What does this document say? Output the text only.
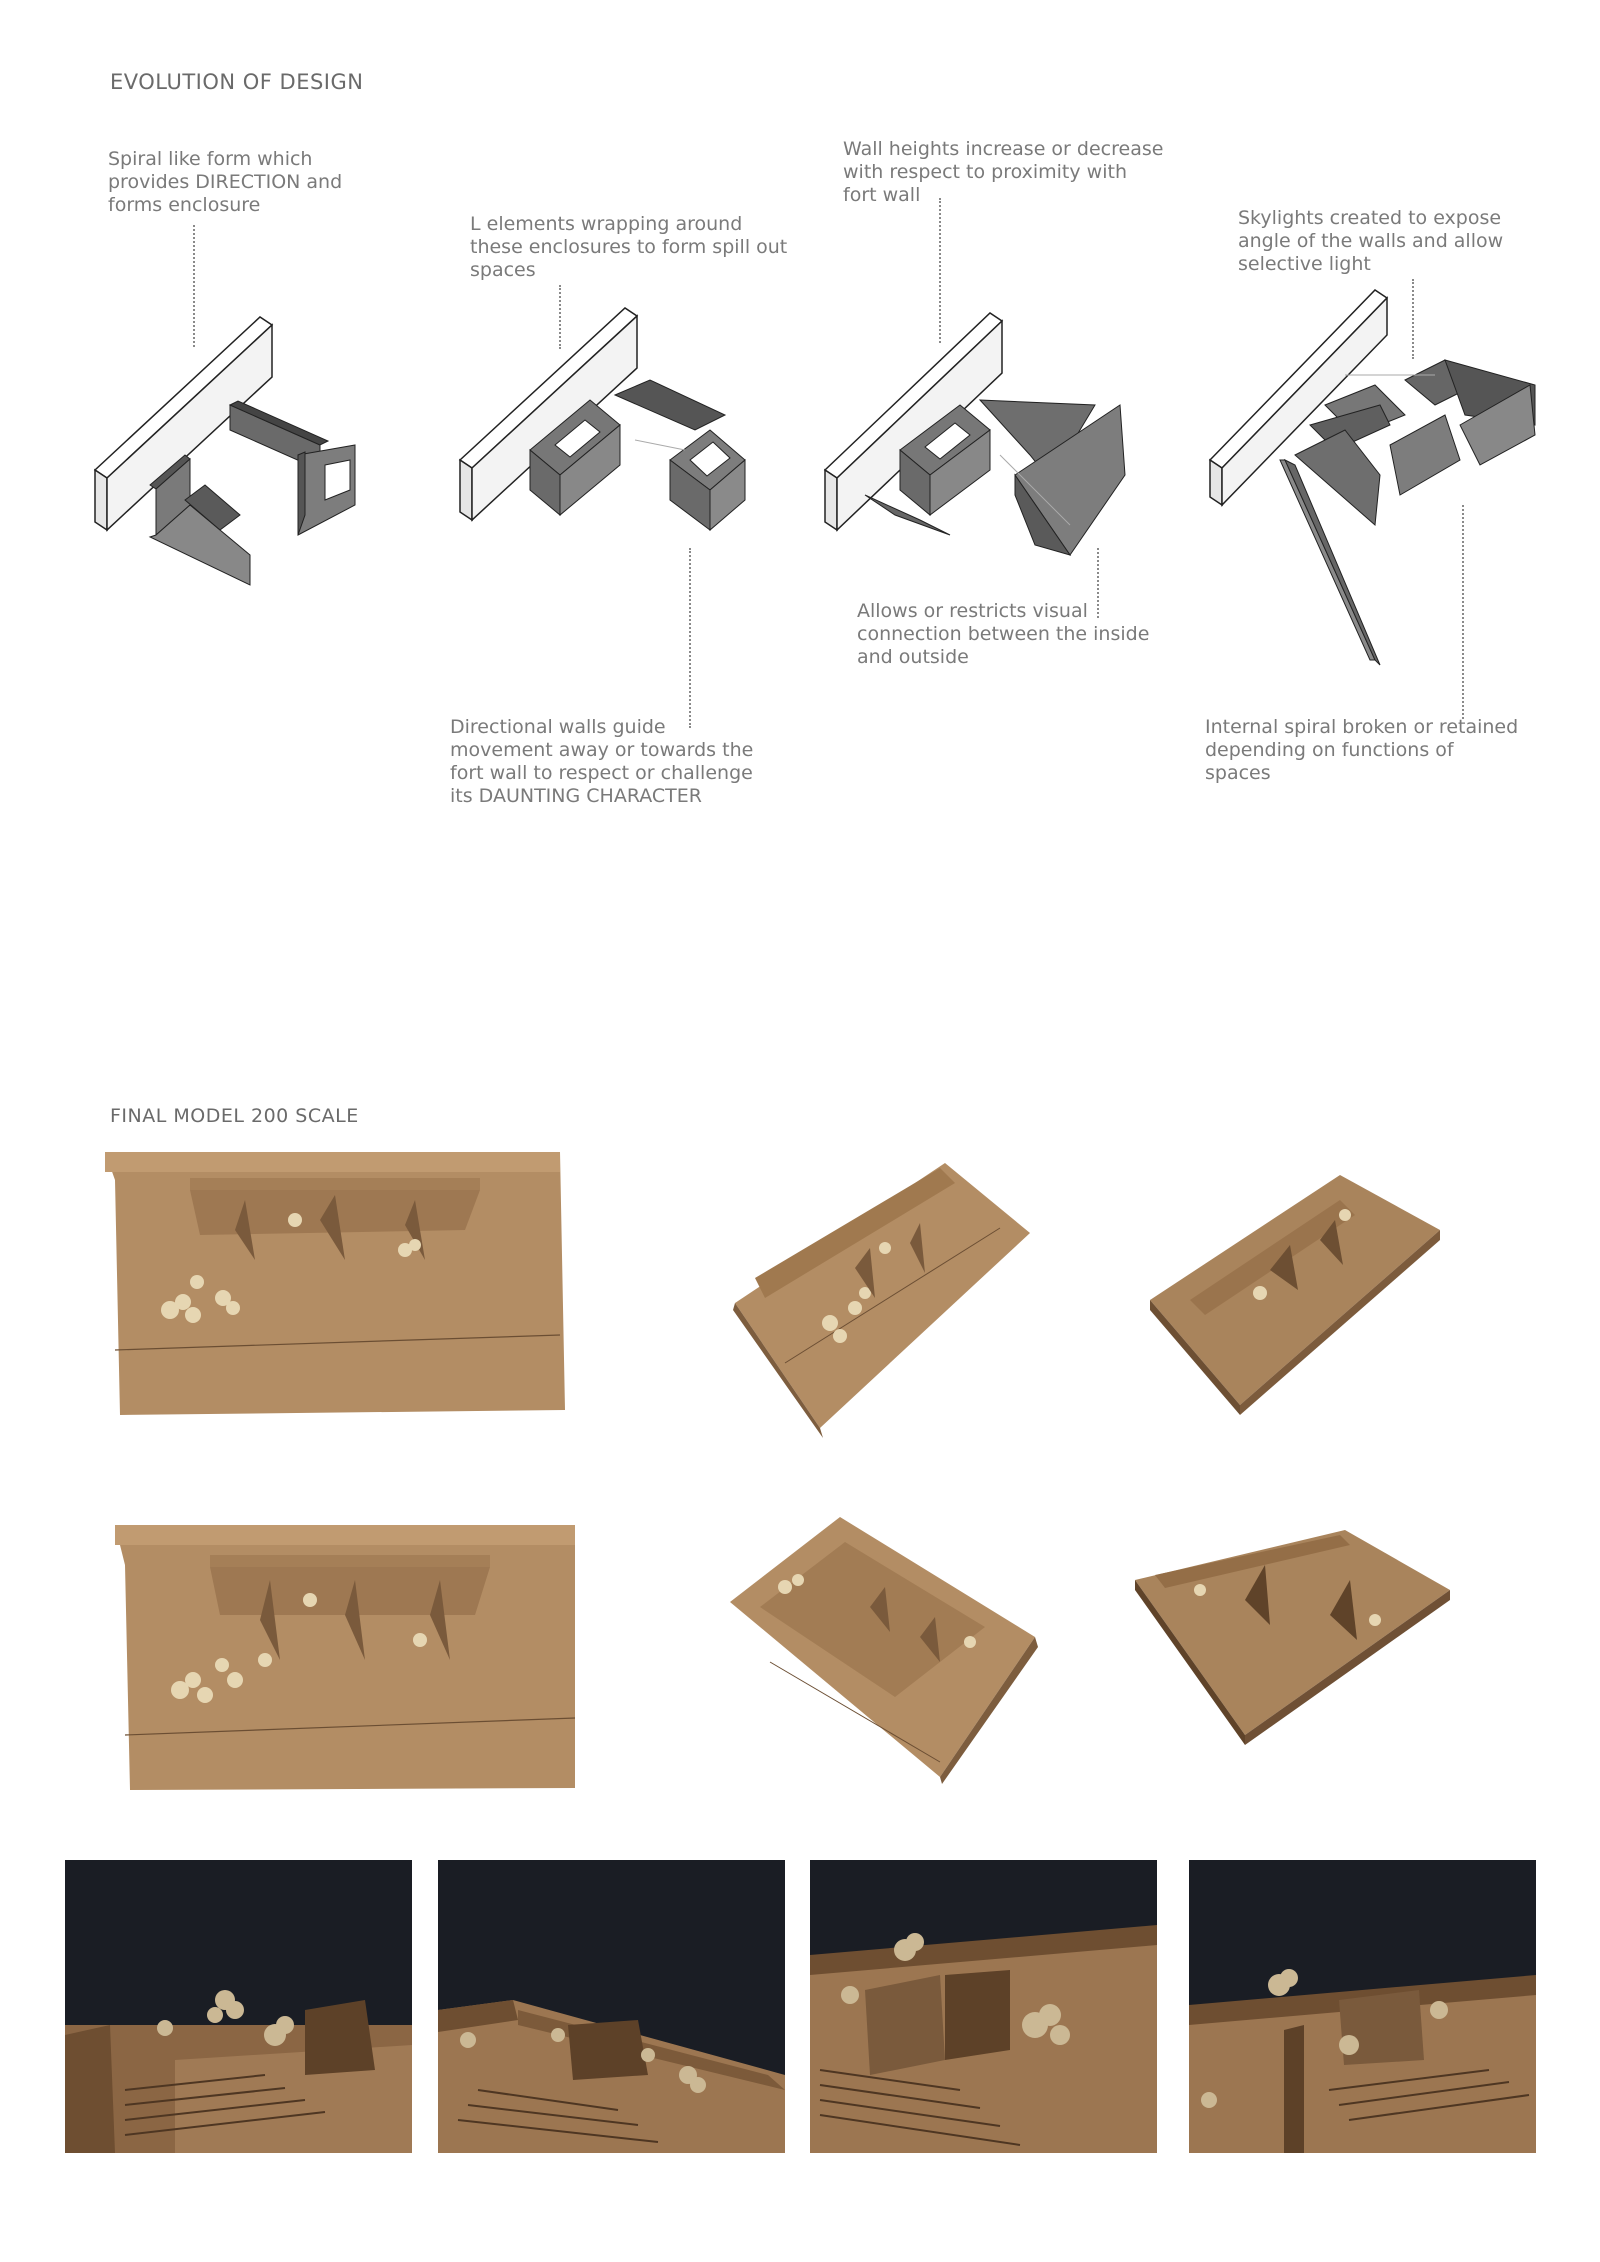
EVOLUTION OF DESIGN
Spiral like form which
provides DIRECTION and
forms enclosure
L elements wrapping around
these enclosures to form spill out
spaces
Wall heights increase or decrease
with respect to proximity with
fort wall
Skylights created to expose
angle of the walls and allow
selective light
Directional walls guide
movement away or towards the
fort wall to respect or challenge
its DAUNTING CHARACTER
Allows or restricts visual
connection between the inside
and outside
Internal spiral broken or retained
depending on functions of
spaces
FINAL MODEL 200 SCALE
